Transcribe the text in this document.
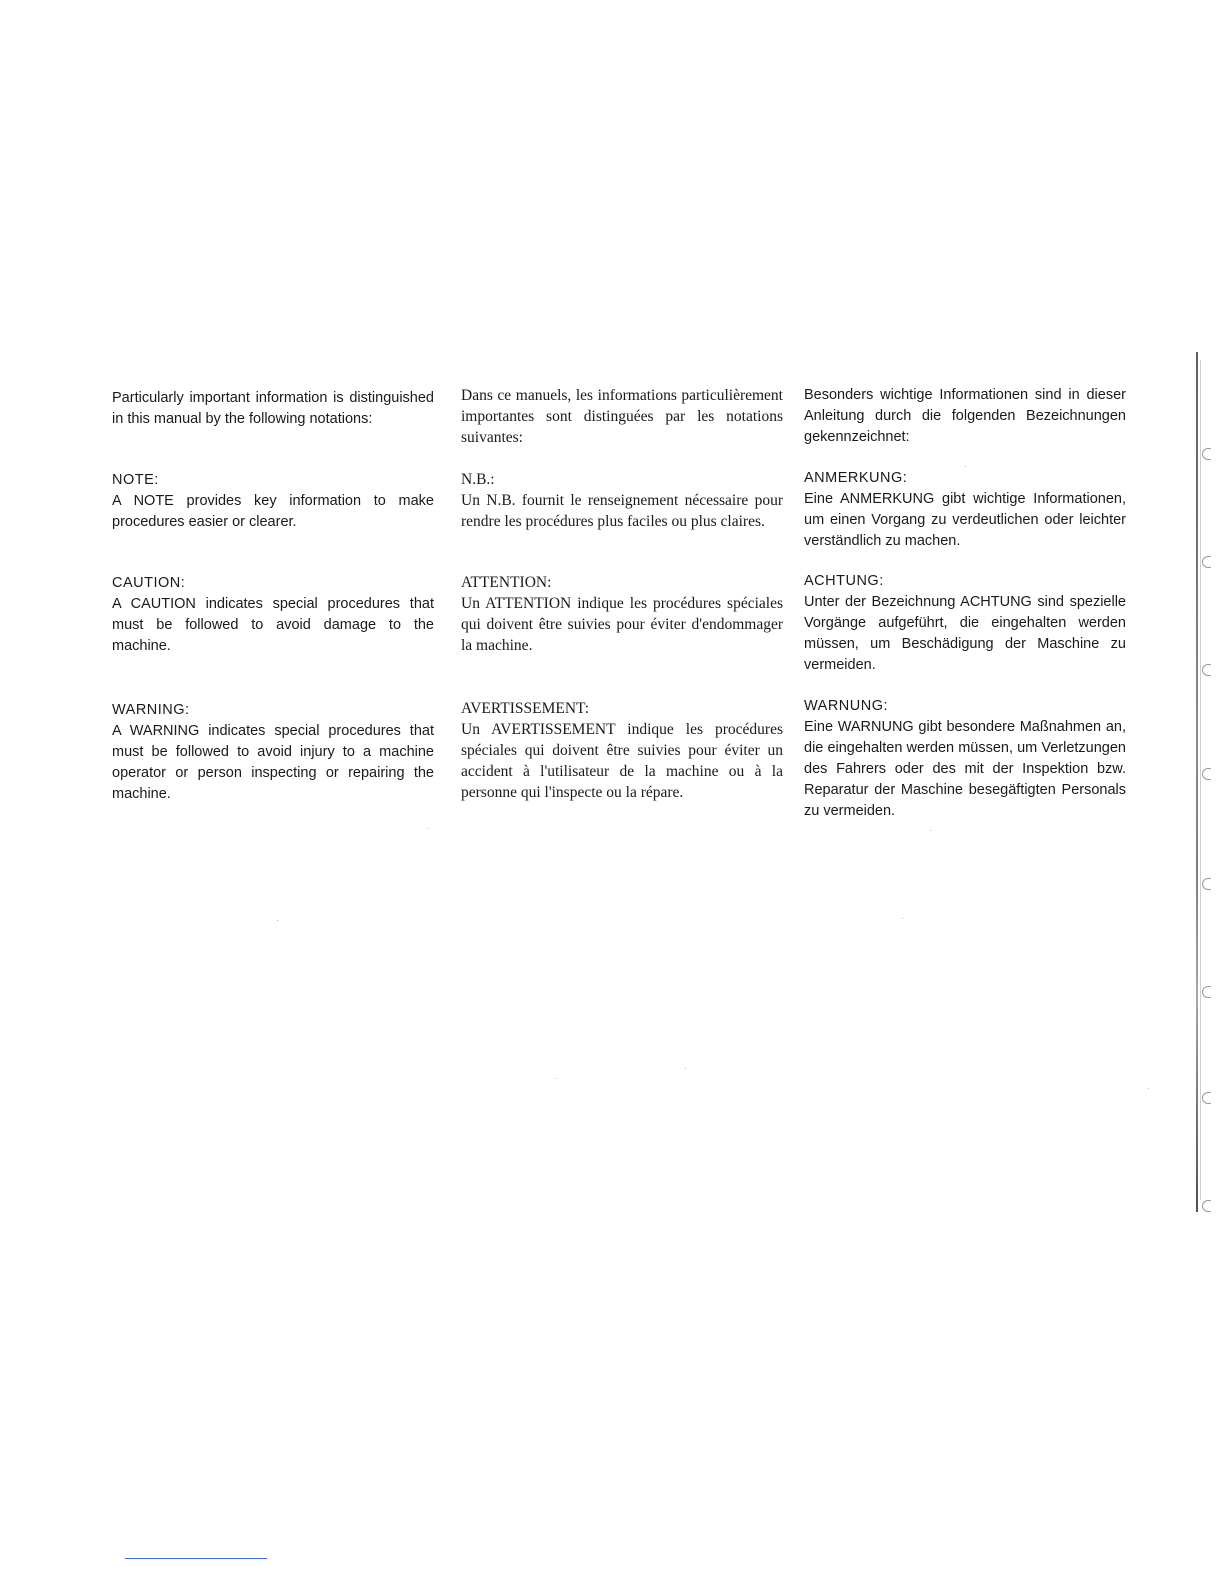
Particularly important information is distinguished in this manual by the following notations:

NOTE:

A NOTE provides key information to make procedures easier or clearer.

CAUTION:

A CAUTION indicates special procedures that must be followed to avoid damage to the machine.

WARNING:

A WARNING indicates special procedures that must be followed to avoid injury to a machine operator or person inspecting or repairing the machine.

Dans ce manuels, les informations particulièrement importantes sont distinguées par les notations suivantes:

N.B.:

Un N.B. fournit le renseignement nécessaire pour rendre les procédures plus faciles ou plus claires.

ATTENTION:

Un ATTENTION indique les procédures spéciales qui doivent être suivies pour éviter d'endommager la machine.

AVERTISSEMENT:

Un AVERTISSEMENT indique les procédures spéciales qui doivent être suivies pour éviter un accident à l'utilisateur de la machine ou à la personne qui l'inspecte ou la répare.

Besonders wichtige Informationen sind in dieser Anleitung durch die folgenden Bezeichnungen gekennzeichnet:

ANMERKUNG:

Eine ANMERKUNG gibt wichtige Informationen, um einen Vorgang zu verdeutlichen oder leichter verständlich zu machen.

ACHTUNG:

Unter der Bezeichnung ACHTUNG sind spezielle Vorgänge aufgeführt, die eingehalten werden müssen, um Beschädigung der Maschine zu vermeiden.

WARNUNG:

Eine WARNUNG gibt besondere Maßnahmen an, die eingehalten werden müssen, um Verletzungen des Fahrers oder des mit der Inspektion bzw. Reparatur der Maschine besegäftigten Personals zu vermeiden.
